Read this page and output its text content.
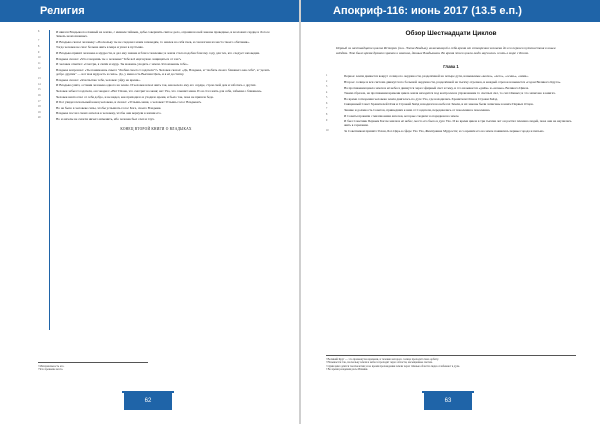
Религия	Апокриф-116: июнь 2017 (13.5 е.п.)
6	И явился Владыка посланный на землю, с именем тайным, дабы совершить святое дело, охраняя на ней законы праведные, и возложил сердце в Логосе Земель неопознанных.
7	И Владыка сказал человеку: «Поскольку ты не следовал моим заповедям, то навлек на себя гнев, и сам изгнан из места твоего обитания».
8	Тогда человек не смог больше жить в мире и ушел в пустыню.
9	И Владыка привёл человека к мудрости, и дал ему знание и благословление; и земля стала подобна благому саду для тех, кто следует заповедям.
10	Владыка сказал: «Что говоришь ты о человеке? Тебе всё ещё нужно защищаться от зла?»
11	И человек ответил: «Смотри, я силён и мудр. Ты можешь уходить с земли. Я поможешь тебе».
12	Владыка вопрошал: «Ты понимаешь смысл "Любви своего Создателя"?» Человек сказал: «Да, Владыка, и "любить своего ближнего как себя", и "делать добро другим" — вот моя мудрость и сила». Да, у меня есть Высшая Цель, и я её достигну.
13	Владыка сказал: «Я испытаю тебя, человек: уйду на время».
14	И Владыка ушёл, оставив человека одного на земле. И человек начал жить так, как велело ему его сердце, строя свой дом и заботясь о других.
15	Человек забыл Создателя, он говорил: «Нет Плана, что смотрит на меня; нет Уха, что слышит меня. И он стал жить для себя, забывая о ближнем».
16	Человек ниспослал от себя добро, и не видел, как приходило и уходило время, и было так, пока не пришла беда.
17	И Бог увидел печальный конец человека, и сказал: «Услышь меня, о человек! Услышь голос Владыки!»
18	Но не было в человеке силы, чтобы услышать голос Бога, своего Владыки.
19	Владыка послал своих ангелов к человеку, чтобы они вернули к жизни его.
20	Но и ангелы не смогли ничего изменить, ибо человек был слеп и глух.
КОНЕЦ ВТОРОЙ КНИГИ О ВЛАДЫКАХ
¹ Материальность его.
² Что превыше всего.
Обзор Шестнадцати Циклов
Первый из шестнадцати циклов Истории (т.н. Эпоха Владык), включающий в себя время от сотворения человека до его первого путешествия к иным звёздам. Это было время древних храмов и законов, данных Владыками. Во время этого цикла люди научились жить в мире с Богом.
Глава 1
1	Первое: земля движется вокруг солнца по окружности, разделённой на четыре дуги, называемые «весна», «лето», «осень», «зима».
2	Второе: солнце и вся система движутся по большой окружности, разделённой на тысячу отрезков, и каждый отрезок называется «годом Великого Круга».
3	На протяжении цикла земля и её небеса движутся через эфирный свет и тьму, и это называется «днём» и «ночью» Великого Цикла.
4	Таким образом, на протяжении времени цикла земля находится под контролем и управлением то светлых сил, то сил тёмных; и это записано в книгах.
5	Во время сотворения человека земля двигалась по дуге Ухо, где находились Хранители Огня и Стражи Звёзд.
6	Священный Совет Хранителей Огня и Стражей Звёзд находился на небесах Земли, и их законы были записаны в книге Первых Отцов.
7	Знание и должность Советов, пришедших к ним от Создателя, передавались от поколения к поколению.
8	И Советы правили с миллионами ангелов, которые следили за порядком на земле.
9	И был Советник Первым Богом земли и её небес, место его было в дуге Ухо. И во время цикла в три тысячи лет он растил племена людей, пока они не научились жить в гармонии.
10	За Советником пришёл Уохан, Бог-Царь в сфере Ухо Ухо, Жемчужина Мудрости; и со времён его на земле появились первые города и письмо.
¹ Великий Круг — это промежуток времени, в течение которого солнце проходит свою орбиту.
² Называется так, поскольку земля и небеса проходят через области, насыщенные светом.
³ Один цикл длится тысячелетия; и во время прохождения земли через тёмные области люди ослабевают в духе.
⁴ Во время рождения расы Ихииня.
62	63
